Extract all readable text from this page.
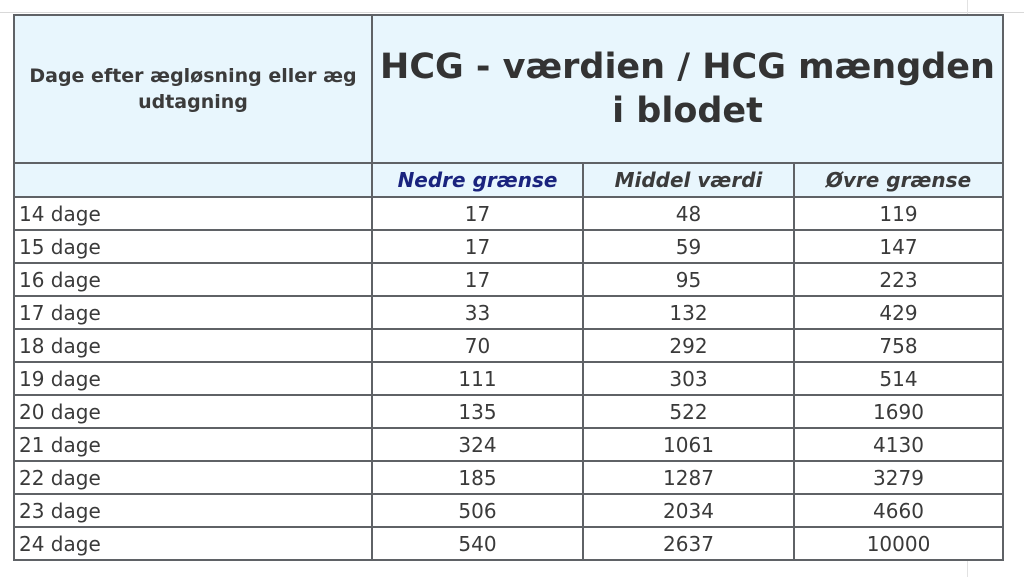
Dage efter ægløsning eller æg udtagning	HCG - værdien / HCG mængden i blodet		
	Nedre grænse	Middel værdi	Øvre grænse
14 dage	17	48	119
15 dage	17	59	147
16 dage	17	95	223
17 dage	33	132	429
18 dage	70	292	758
19 dage	111	303	514
20 dage	135	522	1690
21 dage	324	1061	4130
22 dage	185	1287	3279
23 dage	506	2034	4660
24 dage	540	2637	10000
